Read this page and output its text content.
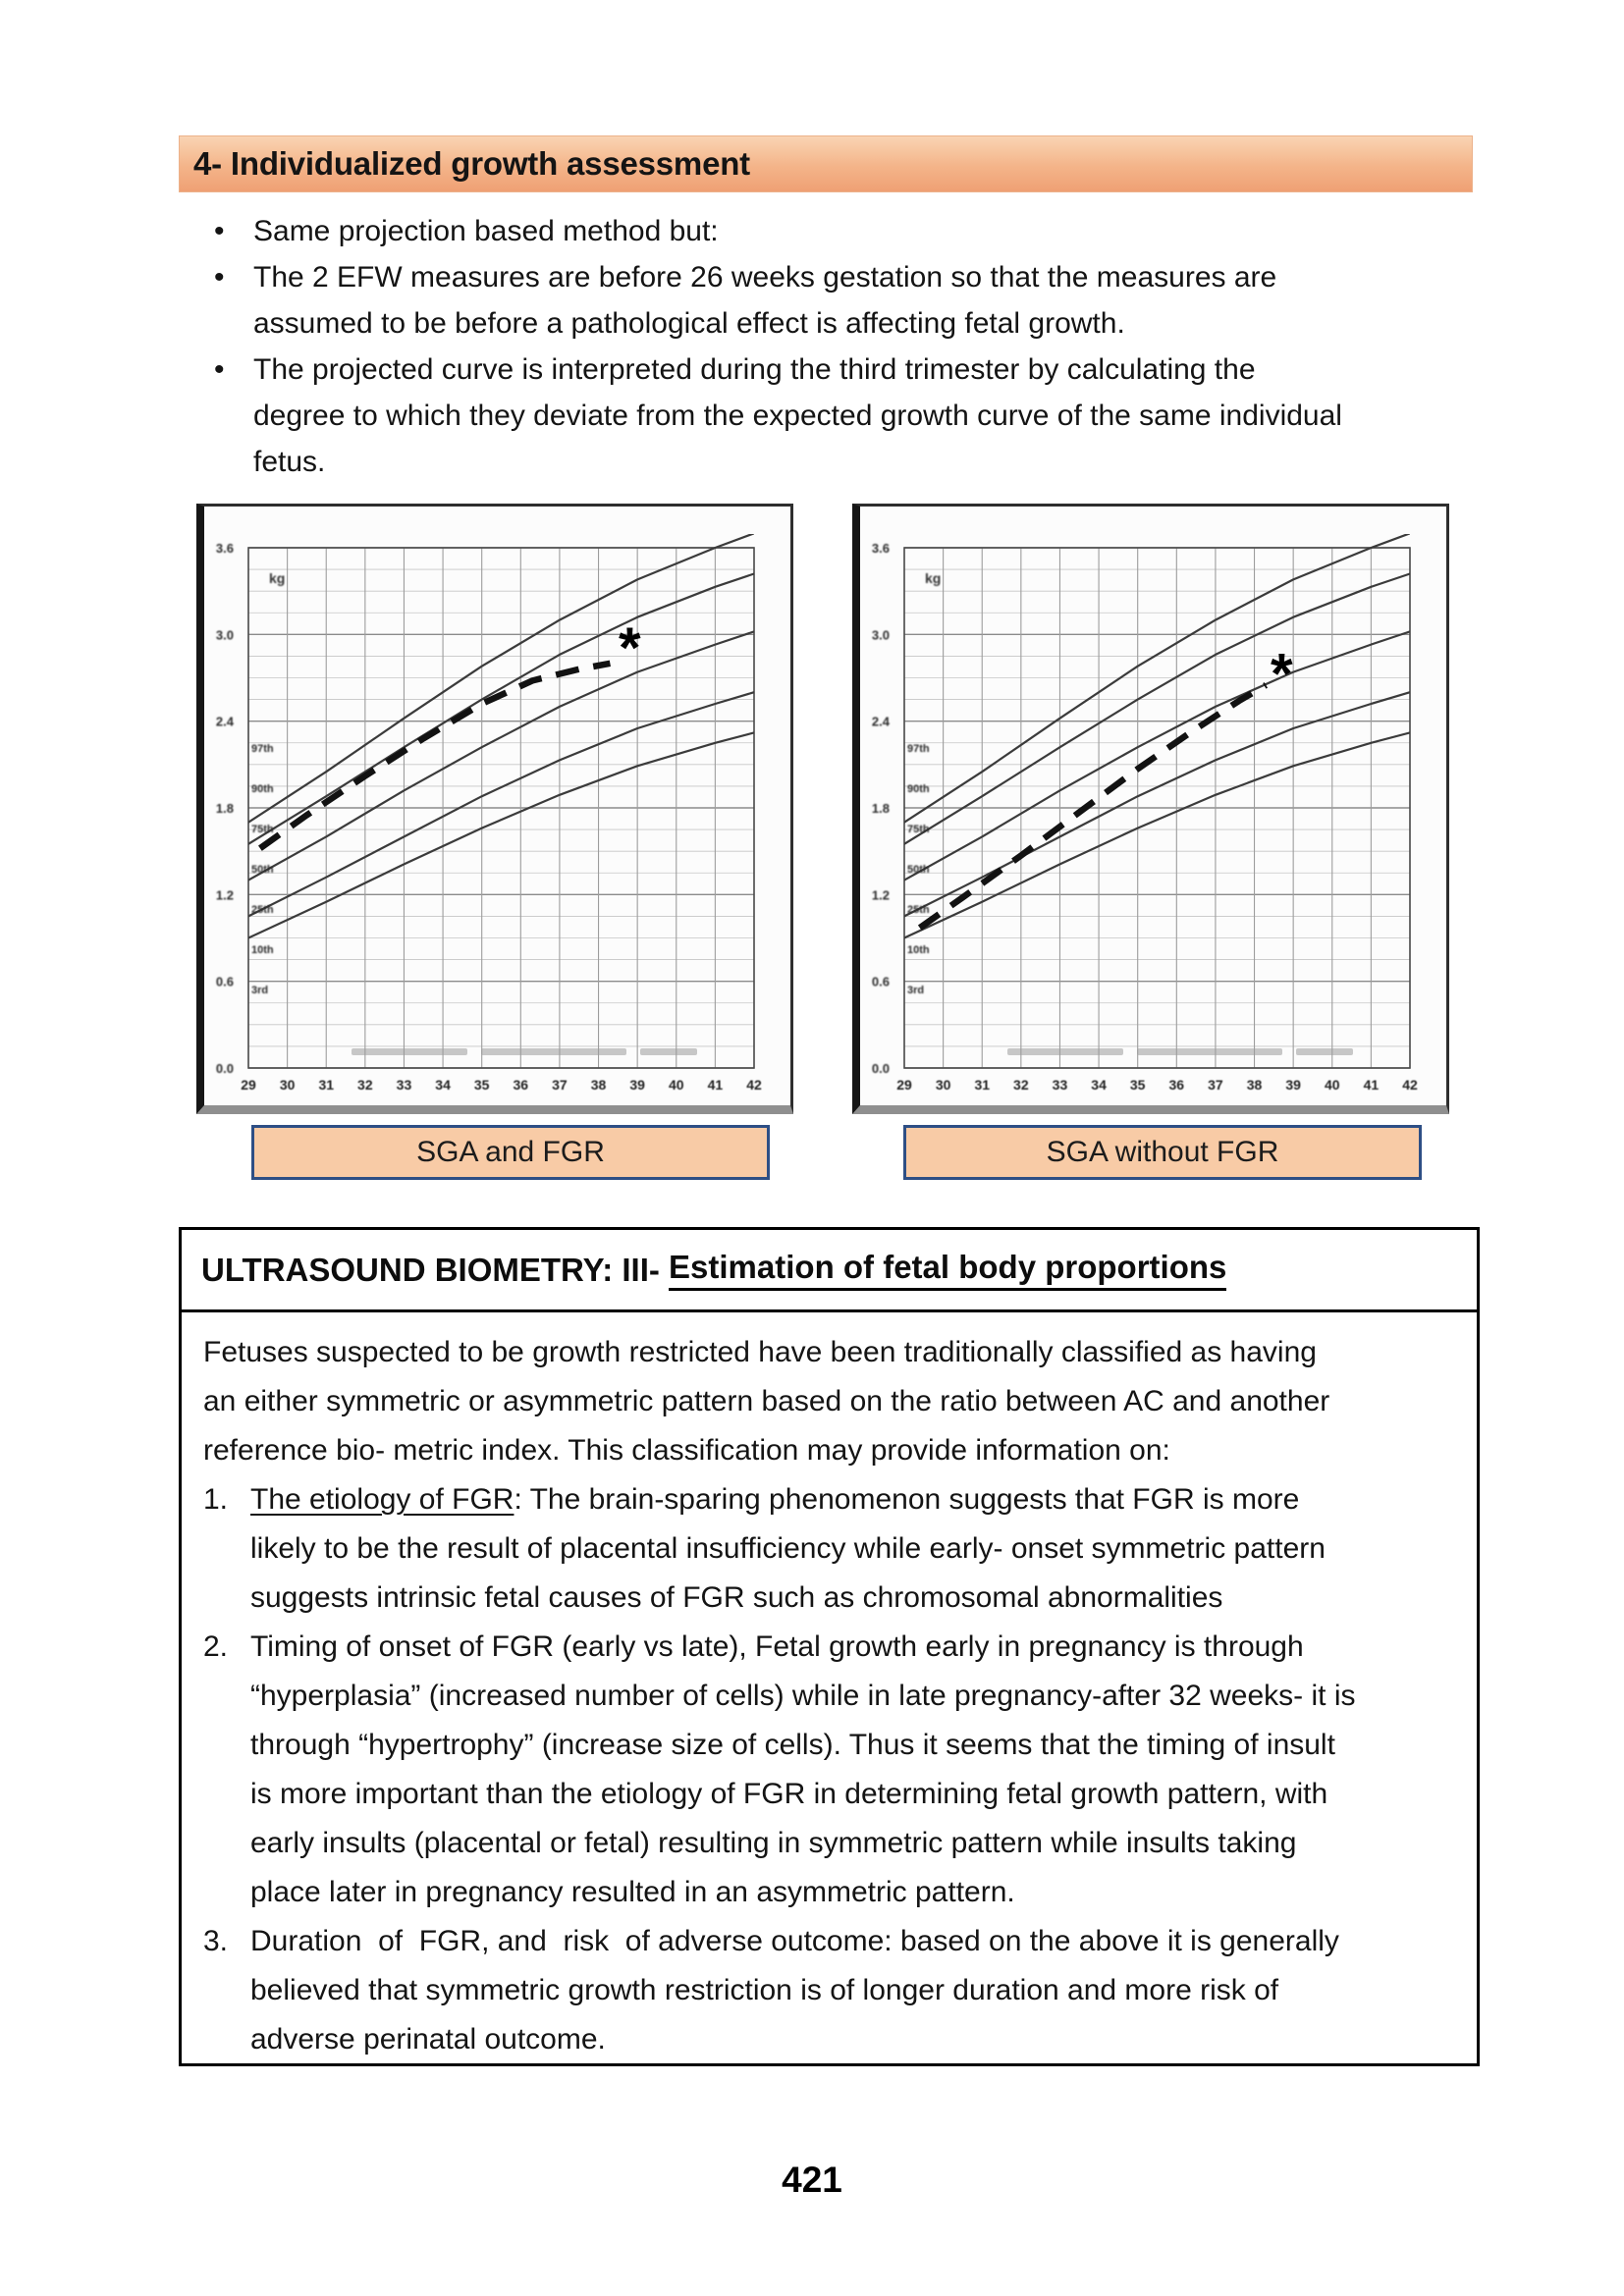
4- Individualized growth assessment
• Same projection based method but:
• The 2 EFW measures are before 26 weeks gestation so that the measures are
assumed to be before a pathological effect is affecting fetal growth.
• The projected curve is interpreted during the third trimester by calculating the
degree to which they deviate from the expected growth curve of the same individual
fetus.
*
3.6
3.0
2.4
1.8
1.2
0.6
0.0
29 30 31 32 33 34 35 36 37 38 39 40 41 42
kg
97th
90th
75th
50th
25th
10th
3rd
*
3.6
3.0
2.4
1.8
1.2
0.6
0.0
29 30 31 32 33 34 35 36 37 38 39 40 41 42
kg
97th
90th
75th
50th
25th
10th
3rd
SGA and FGR	SGA without FGR
ULTRASOUND BIOMETRY: III- Estimation of fetal body proportions
Fetuses suspected to be growth restricted have been traditionally classified as having
an either symmetric or asymmetric pattern based on the ratio between AC and another
reference bio- metric index. This classification may provide information on:
1. The etiology of FGR: The brain-sparing phenomenon suggests that FGR is more
likely to be the result of placental insufficiency while early- onset symmetric pattern
suggests intrinsic fetal causes of FGR such as chromosomal abnormalities
2. Timing of onset of FGR (early vs late), Fetal growth early in pregnancy is through
“hyperplasia” (increased number of cells) while in late pregnancy-after 32 weeks- it is
through “hypertrophy” (increase size of cells). Thus it seems that the timing of insult
is more important than the etiology of FGR in determining fetal growth pattern, with
early insults (placental or fetal) resulting in symmetric pattern while insults taking
place later in pregnancy resulted in an asymmetric pattern.
3. Duration  of  FGR, and  risk  of adverse outcome: based on the above it is generally
believed that symmetric growth restriction is of longer duration and more risk of
adverse perinatal outcome.
421
